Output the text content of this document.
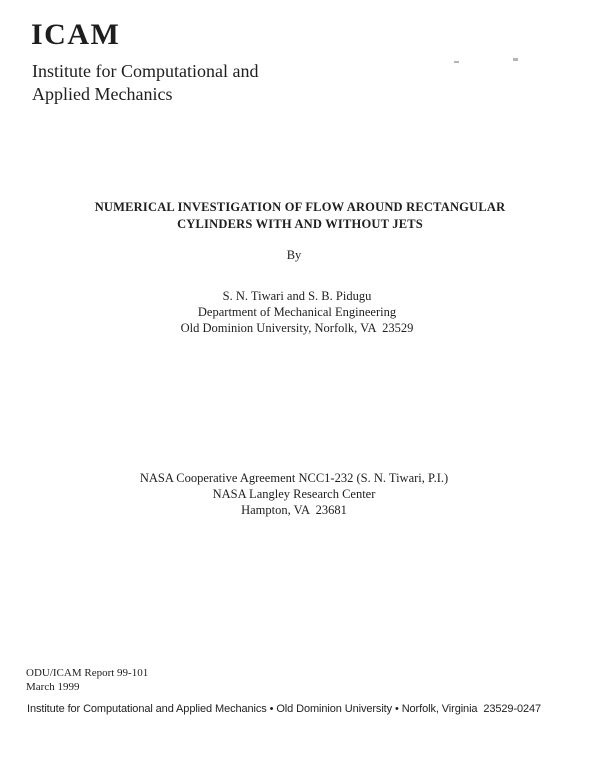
ICAM
Institute for Computational and
Applied Mechanics
NUMERICAL INVESTIGATION OF FLOW AROUND RECTANGULAR
CYLINDERS WITH AND WITHOUT JETS
By
S. N. Tiwari and S. B. Pidugu
Department of Mechanical Engineering
Old Dominion University, Norfolk, VA  23529
NASA Cooperative Agreement NCC1-232 (S. N. Tiwari, P.I.)
NASA Langley Research Center
Hampton, VA  23681
ODU/ICAM Report 99-101
March 1999
Institute for Computational and Applied Mechanics • Old Dominion University • Norfolk, Virginia  23529-0247
